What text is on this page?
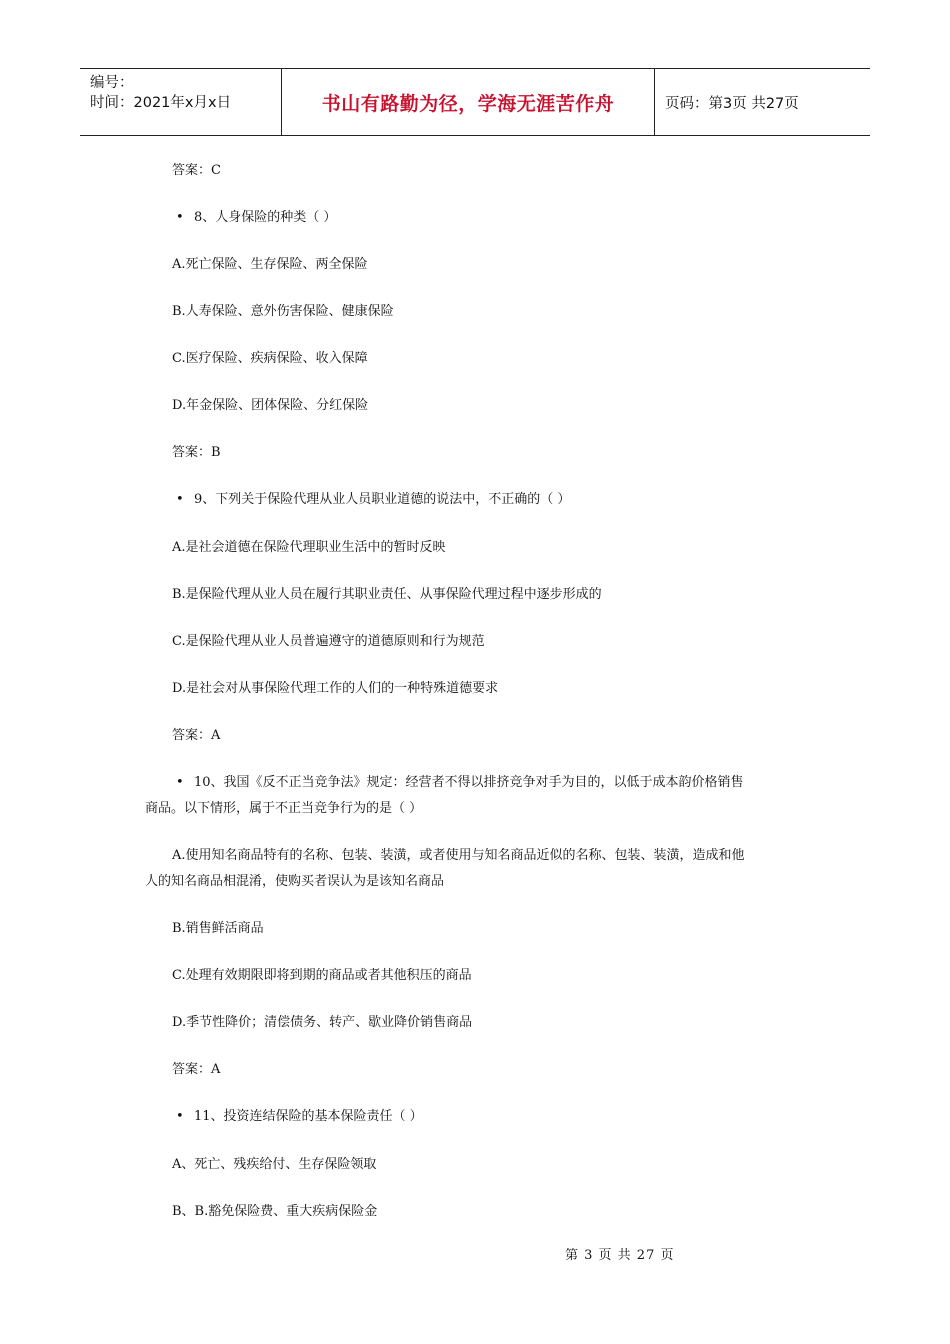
编号：
时间：2021年x月x日	书山有路勤为径，学海无涯苦作舟	页码：第3页 共27页
答案：C
• 8、人身保险的种类（ ）
A.死亡保险、生存保险、两全保险
B.人寿保险、意外伤害保险、健康保险
C.医疗保险、疾病保险、收入保障
D.年金保险、团体保险、分红保险
答案：B
• 9、下列关于保险代理从业人员职业道德的说法中，不正确的（ ）
A.是社会道德在保险代理职业生活中的暂时反映
B.是保险代理从业人员在履行其职业责任、从事保险代理过程中逐步形成的
C.是保险代理从业人员普遍遵守的道德原则和行为规范
D.是社会对从事保险代理工作的人们的一种特殊道德要求
答案：A
• 10、我国《反不正当竞争法》规定：经营者不得以排挤竞争对手为目的，以低于成本韵价格销售
商品。以下情形，属于不正当竞争行为的是（ ）
A.使用知名商品特有的名称、包装、装潢，或者使用与知名商品近似的名称、包装、装潢，造成和他
人的知名商品相混淆，使购买者误认为是该知名商品
B.销售鲜活商品
C.处理有效期限即将到期的商品或者其他积压的商品
D.季节性降价；清偿债务、转产、歇业降价销售商品
答案：A
• 11、投资连结保险的基本保险责任（ ）
A、死亡、残疾给付、生存保险领取
B、B.豁免保险费、重大疾病保险金
第 3 页 共 27 页
